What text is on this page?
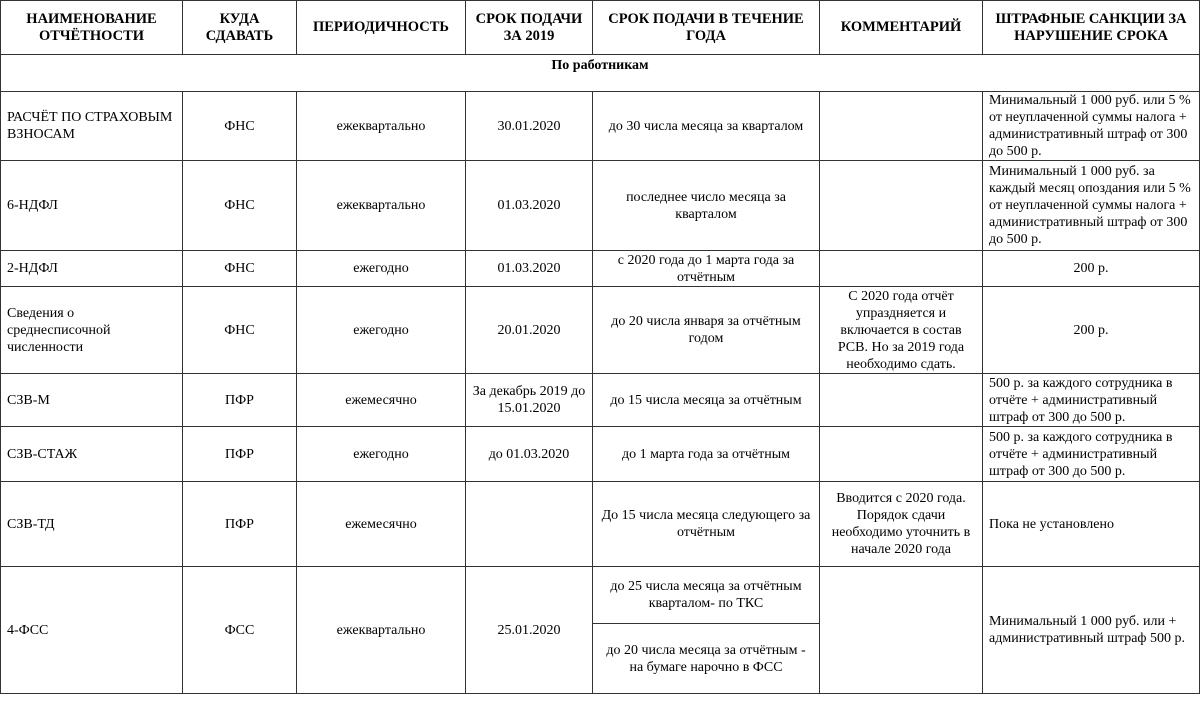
НАИМЕНОВАНИЕ ОТЧЁТНОСТИ	КУДА СДАВАТЬ	ПЕРИОДИЧНОСТЬ	СРОК ПОДАЧИ ЗА 2019	СРОК ПОДАЧИ В ТЕЧЕНИЕ ГОДА	КОММЕНТАРИЙ	ШТРАФНЫЕ САНКЦИИ ЗА НАРУШЕНИЕ СРОКА
По работникам						
РАСЧЁТ ПО СТРАХОВЫМ ВЗНОСАМ	ФНС	ежеквартально	30.01.2020	до 30 числа месяца за кварталом		Минимальный 1 000 руб. или 5 % от неуплаченной суммы налога + административный штраф от 300 до 500 р.
6-НДФЛ	ФНС	ежеквартально	01.03.2020	последнее число месяца за кварталом		Минимальный 1 000 руб. за каждый месяц опоздания или 5 % от неуплаченной суммы налога + административный штраф от 300 до 500 р.
2-НДФЛ	ФНС	ежегодно	01.03.2020	с 2020 года до 1 марта года за отчётным		200 р.
Сведения о среднесписочной численности	ФНС	ежегодно	20.01.2020	до 20 числа января за отчётным годом	С 2020 года отчёт упраздняется и включается в состав РСВ. Но за 2019 года необходимо сдать.	200 р.
СЗВ-М	ПФР	ежемесячно	За декабрь 2019 до 15.01.2020	до 15 числа месяца за отчётным		500 р. за каждого сотрудника в отчёте + административный штраф от 300 до 500 р.
СЗВ-СТАЖ	ПФР	ежегодно	до 01.03.2020	до 1 марта года за отчётным		500 р. за каждого сотрудника в отчёте + административный штраф от 300 до 500 р.
СЗВ-ТД	ПФР	ежемесячно		До 15 числа месяца следующего за отчётным	Вводится с 2020 года. Порядок сдачи необходимо уточнить в начале 2020 года	Пока не установлено
4-ФСС	ФСС	ежеквартально	25.01.2020	до 25 числа месяца за отчётным кварталом- по ТКС		Минимальный 1 000 руб. или + административный штраф 500 р.
				до 20 числа месяца за отчётным - на бумаге нарочно в ФСС		
